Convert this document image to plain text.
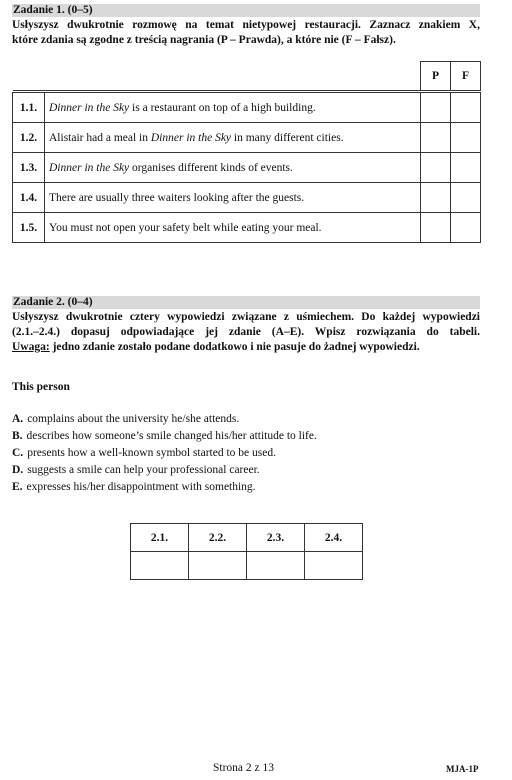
Zadanie 1. (0–5)
Usłyszysz dwukrotnie rozmowę na temat nietypowej restauracji. Zaznacz znakiem X,
które zdania są zgodne z treścią nagrania (P – Prawda), a które nie (F – Fałsz).
		P	F

1.1.	Dinner in the Sky is a restaurant on top of a high building.		
1.2.	Alistair had a meal in Dinner in the Sky in many different cities.		
1.3.	Dinner in the Sky organises different kinds of events.		
1.4.	There are usually three waiters looking after the guests.		
1.5.	You must not open your safety belt while eating your meal.		
Zadanie 2. (0–4)
Usłyszysz dwukrotnie cztery wypowiedzi związane z uśmiechem. Do każdej wypowiedzi
(2.1.–2.4.) dopasuj odpowiadające jej zdanie (A–E). Wpisz rozwiązania do tabeli.
Uwaga: jedno zdanie zostało podane dodatkowo i nie pasuje do żadnej wypowiedzi.
This person
A. complains about the university he/she attends.
B. describes how someone’s smile changed his/her attitude to life.
C. presents how a well-known symbol started to be used.
D. suggests a smile can help your professional career.
E. expresses his/her disappointment with something.
2.1.	2.2.	2.3.	2.4.

Strona 2 z 13	MJA-1P
